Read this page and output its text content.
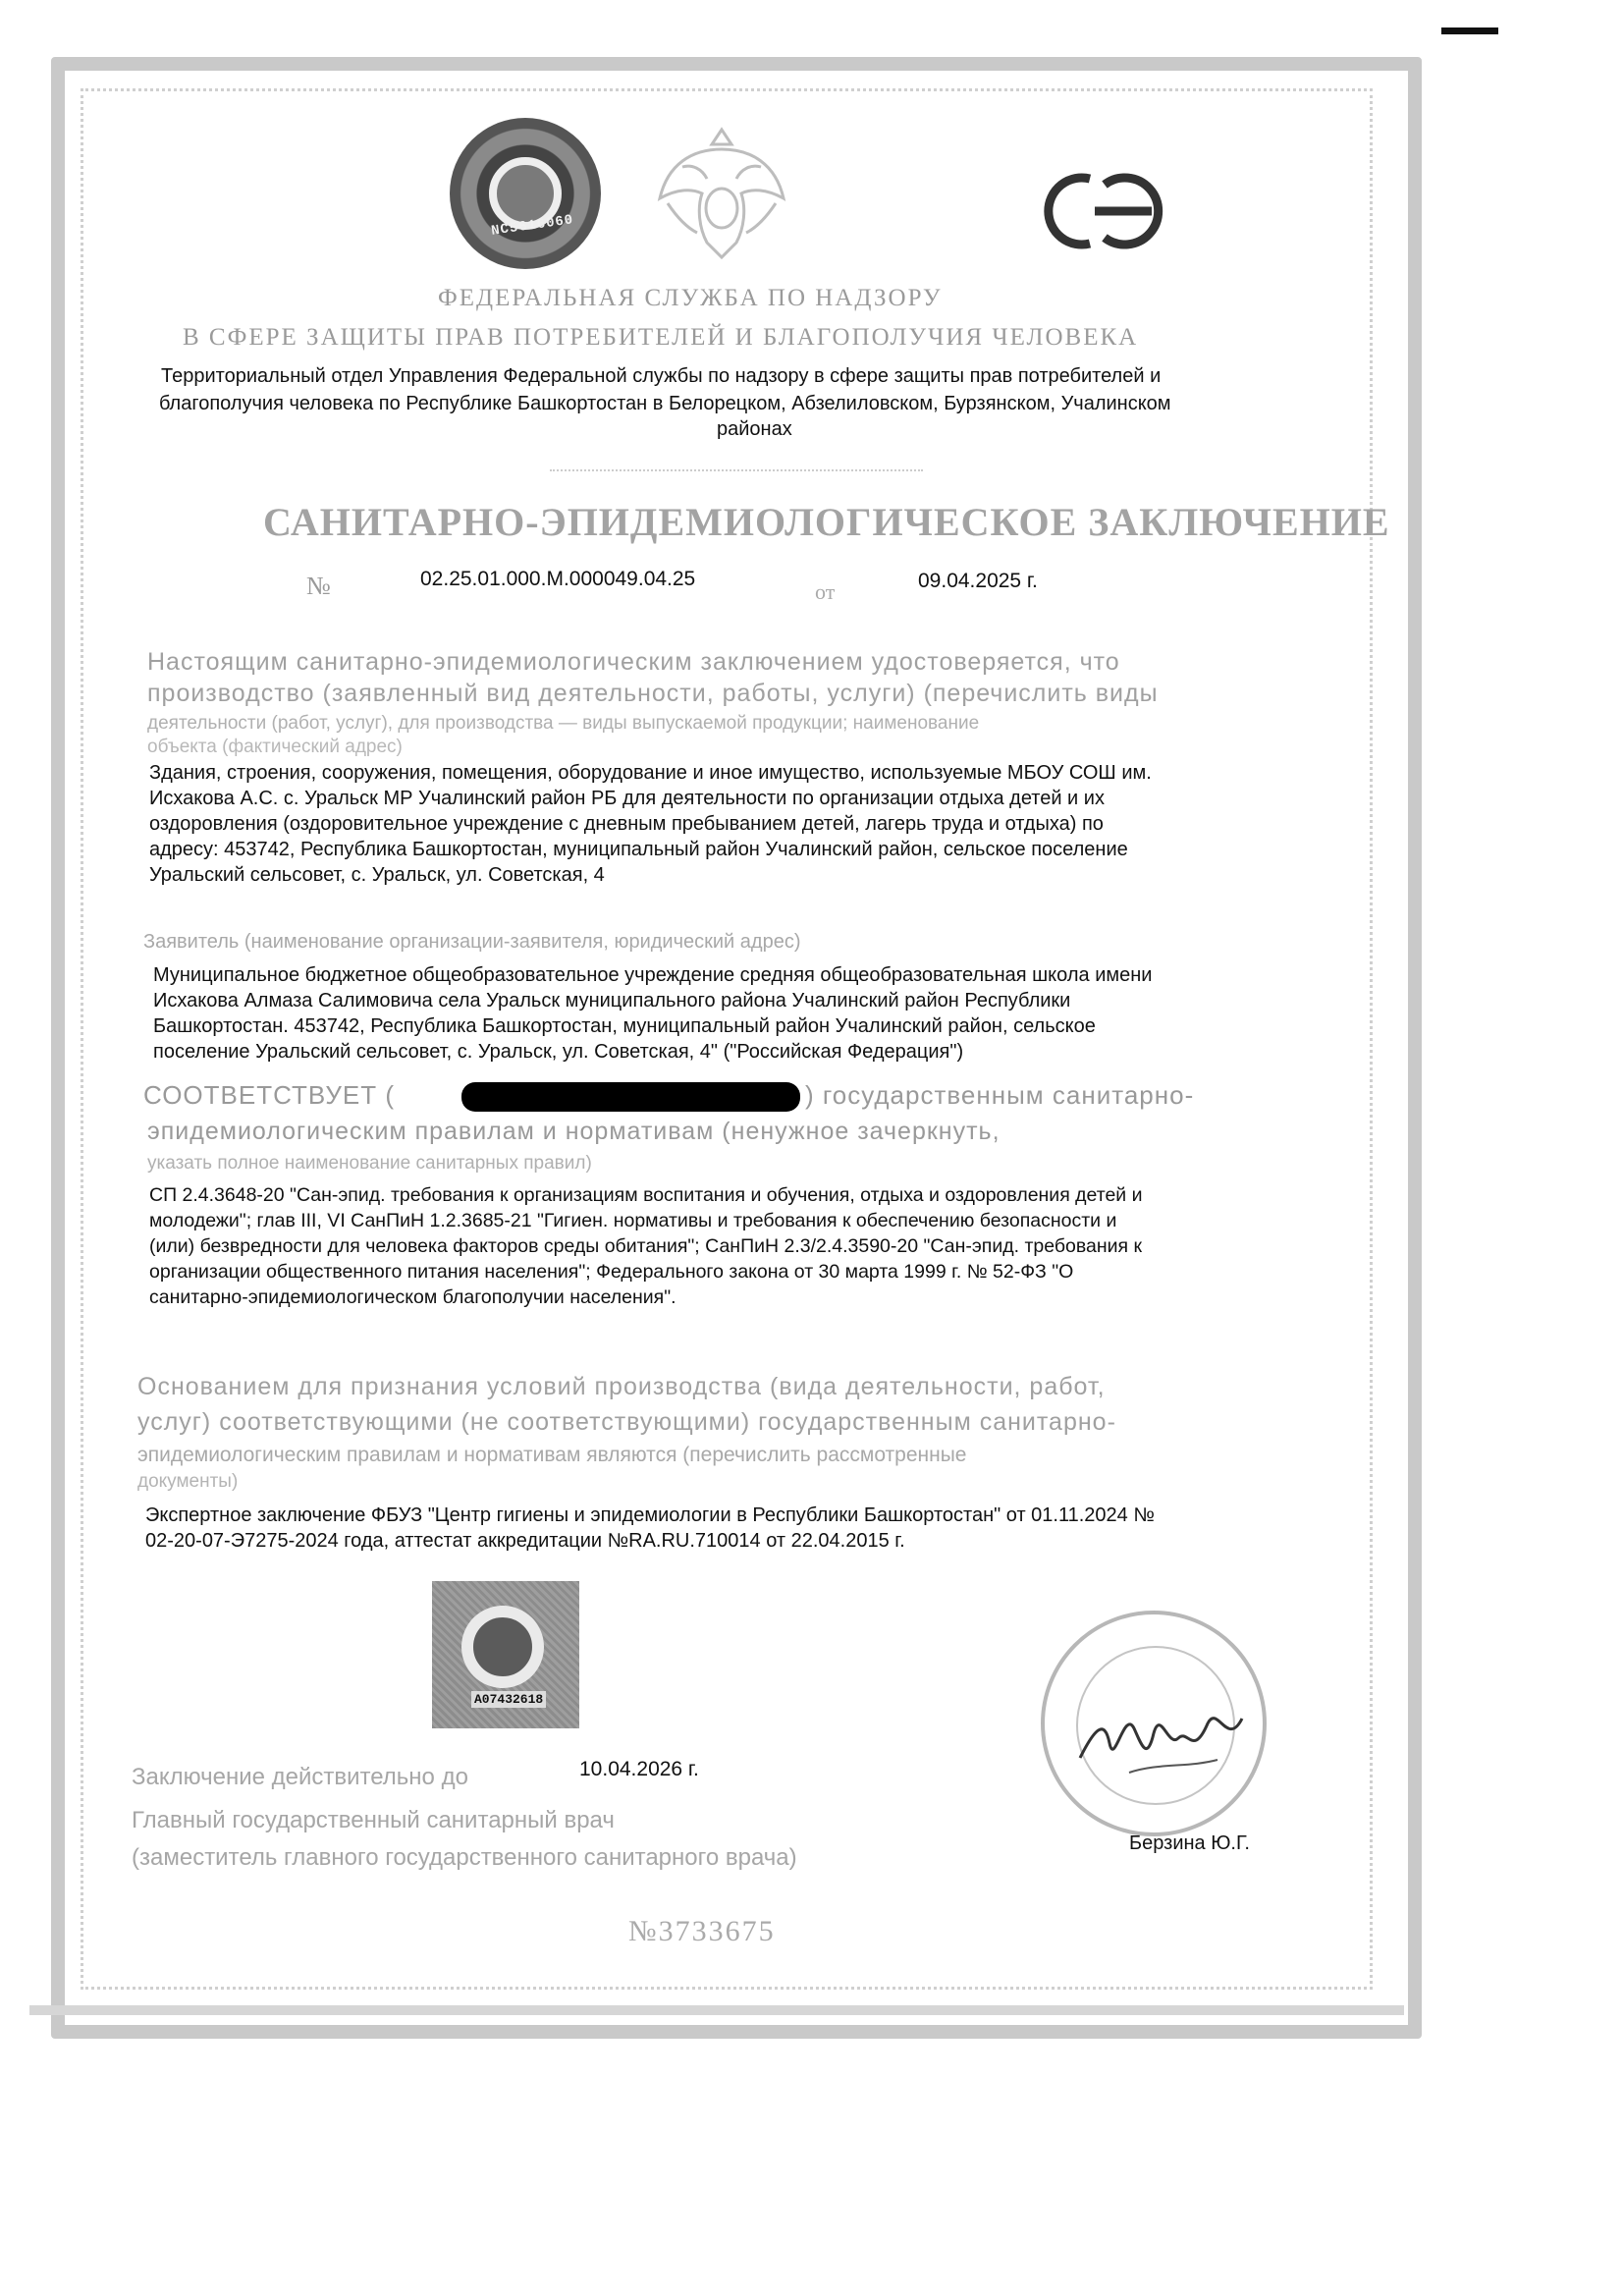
NC5616060
ФЕДЕРАЛЬНАЯ СЛУЖБА ПО НАДЗОРУ
В СФЕРЕ ЗАЩИТЫ ПРАВ ПОТРЕБИТЕЛЕЙ И БЛАГОПОЛУЧИЯ ЧЕЛОВЕКА
Территориальный отдел Управления Федеральной службы по надзору в сфере защиты прав потребителей и
благополучия человека по Республике Башкортостан в Белорецком, Абзелиловском, Бурзянском, Учалинском
районах
САНИТАРНО-ЭПИДЕМИОЛОГИЧЕСКОЕ ЗАКЛЮЧЕНИЕ
№	02.25.01.000.М.000049.04.25
от	09.04.2025 г.
Настоящим санитарно-эпидемиологическим заключением удостоверяется, что
производство (заявленный вид деятельности, работы, услуги) (перечислить виды
деятельности (работ, услуг), для производства — виды выпускаемой продукции; наименование
объекта (фактический адрес)
Здания, строения, сооружения, помещения, оборудование и иное имущество, используемые МБОУ СОШ им.
Исхакова А.С. с. Уральск МР Учалинский район РБ для деятельности по организации отдыха детей и их
оздоровления (оздоровительное учреждение с дневным пребыванием детей, лагерь труда и отдыха) по
адресу: 453742, Республика Башкортостан, муниципальный район Учалинский район, сельское поселение
Уральский сельсовет, с. Уральск, ул. Советская, 4
Заявитель (наименование организации-заявителя, юридический адрес)
Муниципальное бюджетное общеобразовательное учреждение средняя общеобразовательная школа имени
Исхакова Алмаза Салимовича села Уральск муниципального района Учалинский район Республики
Башкортостан. 453742, Республика Башкортостан, муниципальный район Учалинский район, сельское
поселение Уральский сельсовет, с. Уральск, ул. Советская, 4" ("Российская Федерация")
СООТВЕТСТВУЕТ (	) государственным санитарно-
эпидемиологическим правилам и нормативам (ненужное зачеркнуть,
указать полное наименование санитарных правил)
СП 2.4.3648-20 "Сан-эпид. требования к организациям воспитания и обучения, отдыха и оздоровления детей и
молодежи"; глав III, VI СанПиН 1.2.3685-21 "Гигиен. нормативы и требования к обеспечению безопасности и
(или) безвредности для человека факторов среды обитания"; СанПиН 2.3/2.4.3590-20 "Сан-эпид. требования к
организации общественного питания населения"; Федерального закона от 30 марта 1999 г. № 52-ФЗ "О
санитарно-эпидемиологическом благополучии населения".
Основанием для признания условий производства (вида деятельности, работ,
услуг) соответствующими (не соответствующими) государственным санитарно-
эпидемиологическим правилам и нормативам являются (перечислить рассмотренные
документы)
Экспертное заключение ФБУЗ "Центр гигиены и эпидемиологии в Республики Башкортостан" от 01.11.2024 №
02-20-07-Э7275-2024 года, аттестат аккредитации №RA.RU.710014 от 22.04.2015 г.
А07432618
Заключение действительно до	10.04.2026 г.
Главный государственный санитарный врач
(заместитель главного государственного санитарного врача)
Берзина Ю.Г.
№3733675
